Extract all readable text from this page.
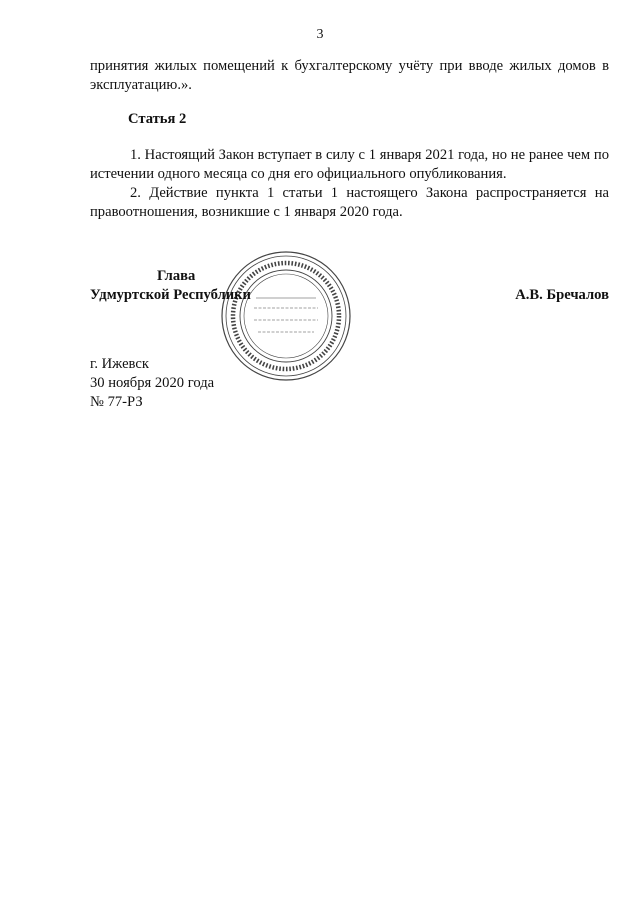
3
принятия жилых помещений к бухгалтерскому учёту при вводе жилых домов в эксплуатацию.».
Статья 2
1. Настоящий Закон вступает в силу с 1 января 2021 года, но не ранее чем по истечении одного месяца со дня его официального опубликования.
2. Действие пункта 1 статьи 1 настоящего Закона распространяется на правоотношения, возникшие с 1 января 2020 года.
Глава
Удмуртской Республики	А.В. Бречалов
г. Ижевск
30 ноября 2020 года
№ 77-РЗ
